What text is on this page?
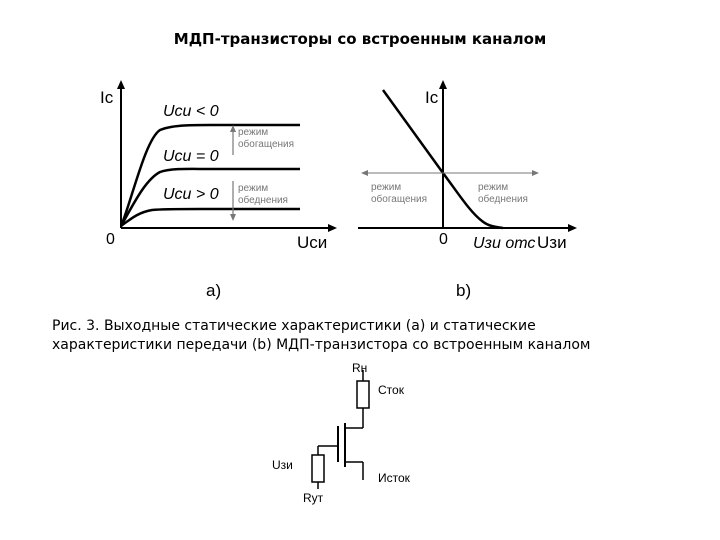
МДП-транзисторы со встроенным каналом
Ic
0	Uси
Uси < 0
Uси = 0
Uси > 0
режим
обогащения
режим
обеднения
a)
Ic
0	Uзи
Uзи отс
режим
обогащения
режим
обеднения
b)
Rн
Сток
Исток
Uзи
Rут
Рис. 3. Выходные статические характеристики (а) и статические
характеристики передачи (b) МДП-транзистора со встроенным каналом
